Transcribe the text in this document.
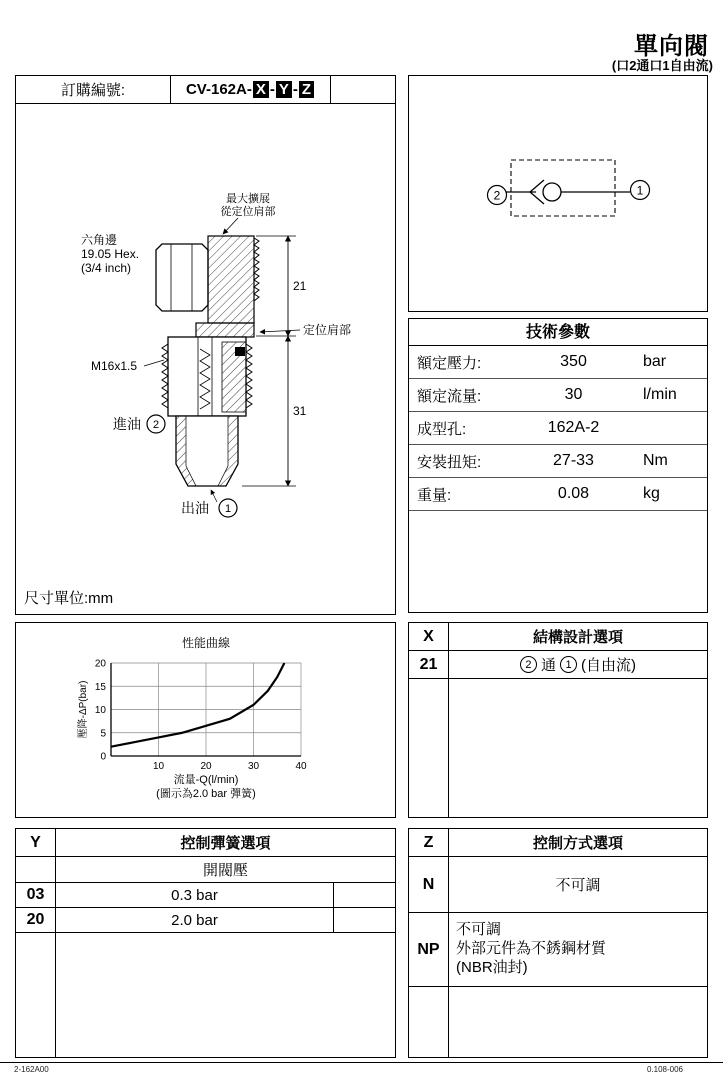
單向閥
(口2通口1自由流)
訂購編號:	CV-162A- X - Y - Z
21
31
最大擴展
從定位肩部
六角邊
19.05 Hex.
(3/4 inch)
定位肩部
M16x1.5
進油 2
出油 1
尺寸單位:mm
2	1
技術參數
額定壓力:	350	bar
額定流量:	30	l/min
成型孔:	162A-2
安裝扭矩:	27-33	Nm
重量:	0.08	kg
10	20	30	40
0
5
10
15
20
性能曲線
流量-Q(l/min)
(圖示為2.0 bar 彈簧)
壓降-ΔP(bar)
X	結構設計選項
21	2 通 1 (自由流)
Y	控制彈簧選項
開閥壓
03	0.3 bar
20	2.0 bar
Z	控制方式選項
N	不可調
NP
不可調
外部元件為不銹鋼材質
(NBR油封)
2-162A00	0.108-006
